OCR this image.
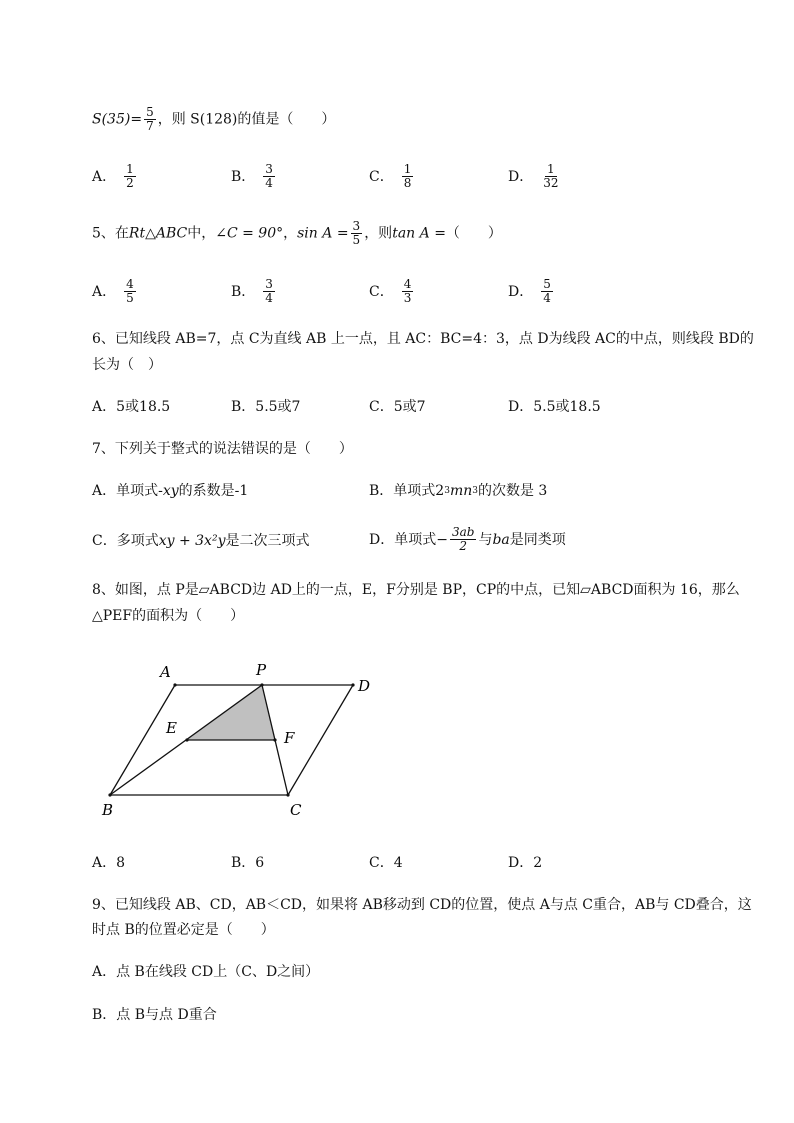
$S(35)= \frac{5}{7}$ ，则 S(128)的值是（　　）
A． $\frac{1}{2}$	B． $\frac{3}{4}$	C． $\frac{1}{8}$	D． $\frac{1}{32}$
5、在Rt△ABC中，∠C = 90°，$\sin A = \frac{3}{5}$ ，则tan A =（　　）
A． $\frac{4}{5}$	B． $\frac{3}{4}$	C． $\frac{4}{3}$	D． $\frac{5}{4}$
6、已知线段 AB=7，点 C为直线 AB 上一点，且 AC：BC=4：3，点 D为线段 AC的中点，则线段 BD的
长为（　）
A． 5或18.5	B． 5.5或7	C． 5或7	D． 5.5或18.5
7、下列关于整式的说法错误的是（　　）
A． 单项式- xy 的系数是-1	B． 单项式2 3 mn 3 的次数是 3
C． 多项式 xy + 3x²y 是二次三项式	D． 单项式− $\frac{3ab}{2}$ 与 ba 是同类项
8、如图，点 P是▱ABCD边 AD上的一点，E，F分别是 BP，CP的中点，已知▱ABCD面积为 16，那么
△PEF的面积为（　　）
A	P
D
E
F
B	C
A． 8	B． 6	C． 4	D． 2
9、已知线段 AB、CD，AB＜CD，如果将 AB移动到 CD的位置，使点 A与点 C重合，AB与 CD叠合，这
时点 B的位置必定是（　　）
A．点 B在线段 CD上（C、D之间）
B．点 B与点 D重合
